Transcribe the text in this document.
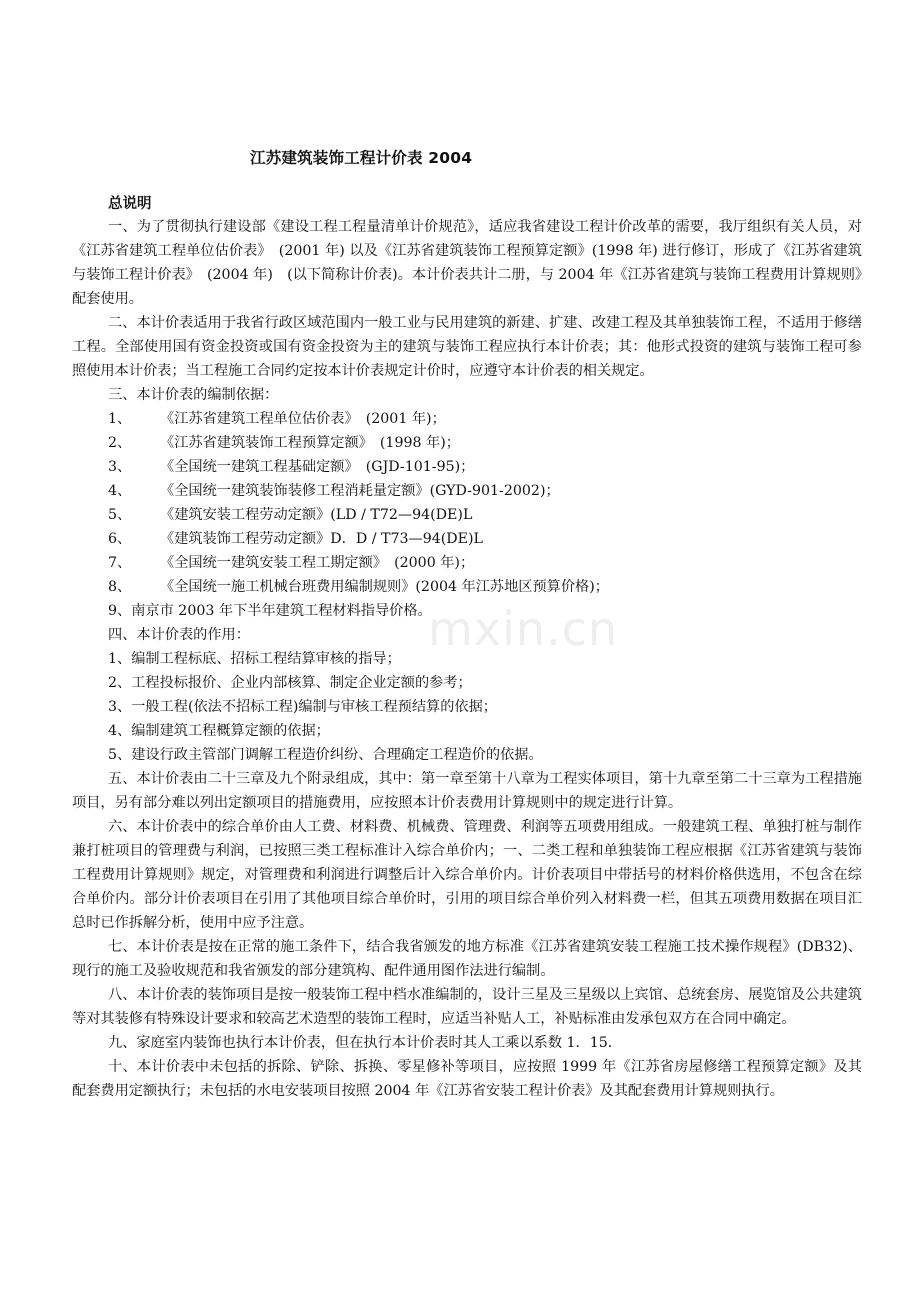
江苏建筑装饰工程计价表 2004
总说明

一、为了贯彻执行建设部《建设工程工程量清单计价规范》，适应我省建设工程计价改革的需要，我厅组织有关人员，对《江苏省建筑工程单位估价表》　(2001 年) 以及《江苏省建筑装饰工程预算定额》(1998 年) 进行修订，形成了《江苏省建筑与装饰工程计价表》　(2004 年)　(以下简称计价表)。本计价表共计二册，与 2004 年《江苏省建筑与装饰工程费用计算规则》配套使用。

二、本计价表适用于我省行政区域范围内一般工业与民用建筑的新建、扩建、改建工程及其单独装饰工程，不适用于修缮工程。全部使用国有资金投资或国有资金投资为主的建筑与装饰工程应执行本计价表；其：他形式投资的建筑与装饰工程可参照使用本计价表；当工程施工合同约定按本计价表规定计价时，应遵守本计价表的相关规定。

三、本计价表的编制依据：

1、 《江苏省建筑工程单位估价表》　(2001 年)；

2、 《江苏省建筑装饰工程预算定额》　(1998 年)；

3、 《全国统一建筑工程基础定额》　(GJD-101-95)；

4、 《全国统一建筑装饰装修工程消耗量定额》(GYD-901-2002)；

5、 《建筑安装工程劳动定额》(LD / T72—94(DE)L

6、 《建筑装饰工程劳动定额》D．D / T73—94(DE)L

7、 《全国统一建筑安装工程工期定额》　(2000 年)；

8、 《全国统一施工机械台班费用编制规则》(2004 年江苏地区预算价格)；

9、南京市 2003 年下半年建筑工程材料指导价格。

四、本计价表的作用：

1、编制工程标底、招标工程结算审核的指导；

2、工程投标报价、企业内部核算、制定企业定额的参考；

3、一般工程(依法不招标工程)编制与审核工程预结算的依据；

4、编制建筑工程概算定额的依据；

5、建设行政主管部门调解工程造价纠纷、合理确定工程造价的依据。

五、本计价表由二十三章及九个附录组成，其中：第一章至第十八章为工程实体项目，第十九章至第二十三章为工程措施项目，另有部分难以列出定额项目的措施费用，应按照本计价表费用计算规则中的规定进行计算。

六、本计价表中的综合单价由人工费、材料费、机械费、管理费、利润等五项费用组成。一般建筑工程、单独打桩与制作兼打桩项目的管理费与利润，已按照三类工程标准计入综合单价内；一、二类工程和单独装饰工程应根据《江苏省建筑与装饰工程费用计算规则》规定，对管理费和利润进行调整后计入综合单价内。计价表项目中带括号的材料价格供选用，不包含在综合单价内。部分计价表项目在引用了其他项目综合单价时，引用的项目综合单价列入材料费一栏，但其五项费用数据在项目汇总时已作拆解分析，使用中应予注意。

七、本计价表是按在正常的施工条件下，结合我省颁发的地方标准《江苏省建筑安装工程施工技术操作规程》(DB32)、现行的施工及验收规范和我省颁发的部分建筑构、配件通用图作法进行编制。

八、本计价表的装饰项目是按一般装饰工程中档水准编制的，设计三星及三星级以上宾馆、总统套房、展览馆及公共建筑等对其装修有特殊设计要求和较高艺术造型的装饰工程时，应适当补贴人工，补贴标准由发承包双方在合同中确定。

九、家庭室内装饰也执行本计价表，但在执行本计价表时其人工乘以系数 1．15．

十、本计价表中未包括的拆除、铲除、拆换、零星修补等项目，应按照 1999 年《江苏省房屋修缮工程预算定额》及其配套费用定额执行；未包括的水电安装项目按照 2004 年《江苏省安装工程计价表》及其配套费用计算规则执行。

mxin.cn
